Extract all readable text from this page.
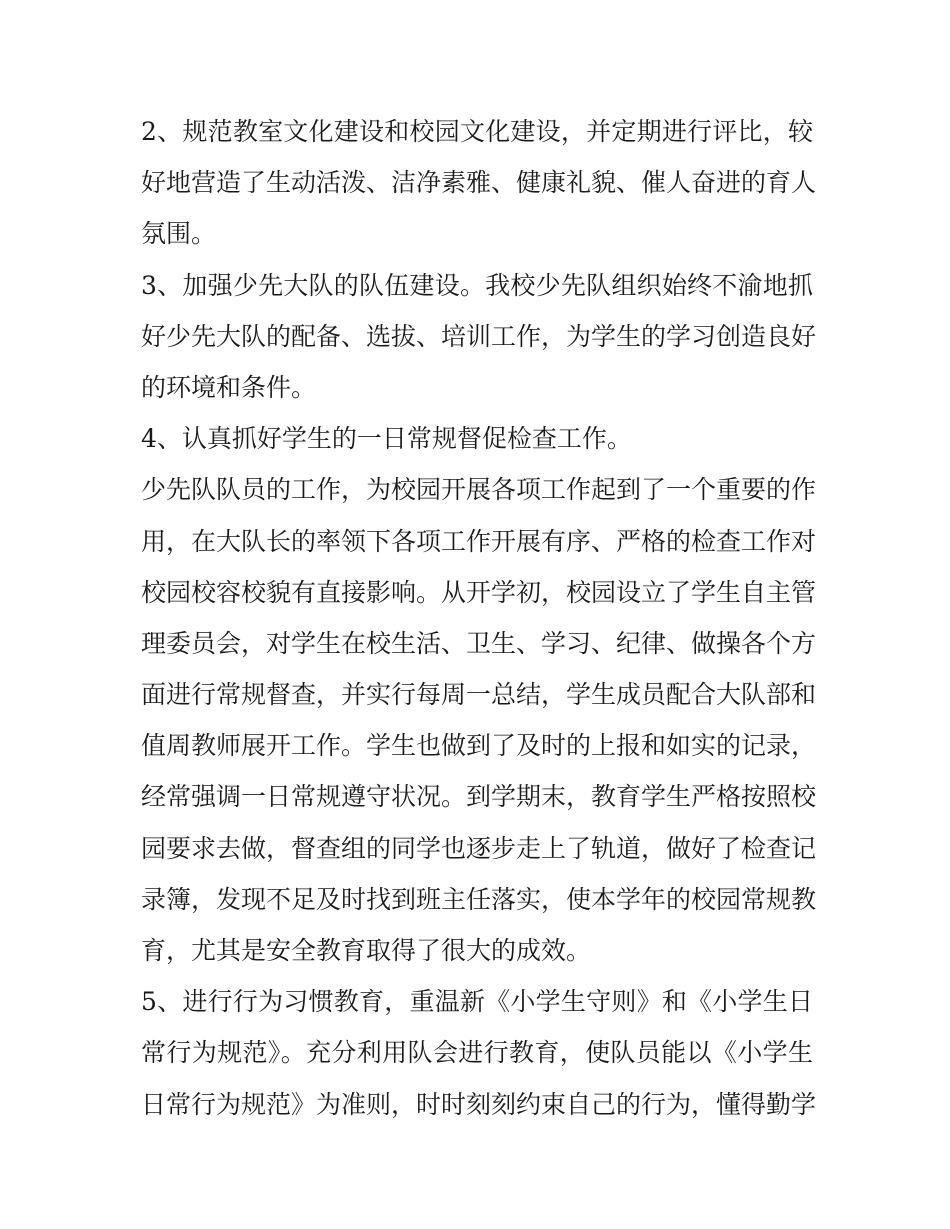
2、规范教室文化建设和校园文化建设，并定期进行评比，较
好地营造了生动活泼、洁净素雅、健康礼貌、催人奋进的育人
氛围。
3、加强少先大队的队伍建设。我校少先队组织始终不渝地抓
好少先大队的配备、选拔、培训工作，为学生的学习创造良好
的环境和条件。
4、认真抓好学生的一日常规督促检查工作。
少先队队员的工作，为校园开展各项工作起到了一个重要的作
用，在大队长的率领下各项工作开展有序、严格的检查工作对
校园校容校貌有直接影响。从开学初，校园设立了学生自主管
理委员会，对学生在校生活、卫生、学习、纪律、做操各个方
面进行常规督查，并实行每周一总结，学生成员配合大队部和
值周教师展开工作。学生也做到了及时的上报和如实的记录，
经常强调一日常规遵守状况。到学期末，教育学生严格按照校
园要求去做，督查组的同学也逐步走上了轨道，做好了检查记
录簿，发现不足及时找到班主任落实，使本学年的校园常规教
育，尤其是安全教育取得了很大的成效。
5、进行行为习惯教育，重温新《小学生守则》和《小学生日
常行为规范》。充分利用队会进行教育，使队员能以《小学生
日常行为规范》为准则，时时刻刻约束自己的行为，懂得勤学
